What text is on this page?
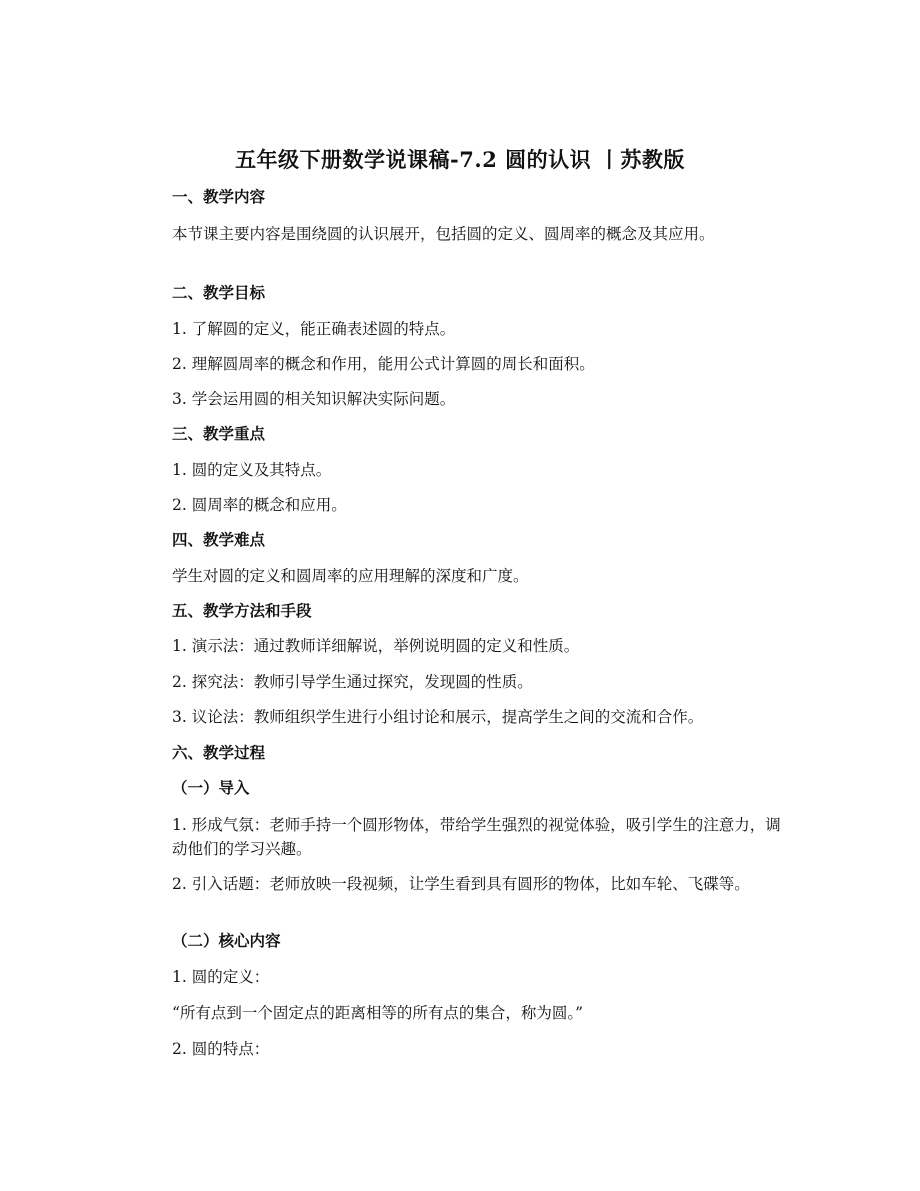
五年级下册数学说课稿-7.2 圆的认识 丨苏教版
一、教学内容
本节课主要内容是围绕圆的认识展开，包括圆的定义、圆周率的概念及其应用。
二、教学目标
1. 了解圆的定义，能正确表述圆的特点。
2. 理解圆周率的概念和作用，能用公式计算圆的周长和面积。
3. 学会运用圆的相关知识解决实际问题。
三、教学重点
1. 圆的定义及其特点。
2. 圆周率的概念和应用。
四、教学难点
学生对圆的定义和圆周率的应用理解的深度和广度。
五、教学方法和手段
1. 演示法：通过教师详细解说，举例说明圆的定义和性质。
2. 探究法：教师引导学生通过探究，发现圆的性质。
3. 议论法：教师组织学生进行小组讨论和展示，提高学生之间的交流和合作。
六、教学过程
（一）导入
1. 形成气氛：老师手持一个圆形物体，带给学生强烈的视觉体验，吸引学生的注意力，调动他们的学习兴趣。
2. 引入话题：老师放映一段视频，让学生看到具有圆形的物体，比如车轮、飞碟等。
（二）核心内容
1. 圆的定义：
“所有点到一个固定点的距离相等的所有点的集合，称为圆。”
2. 圆的特点：
